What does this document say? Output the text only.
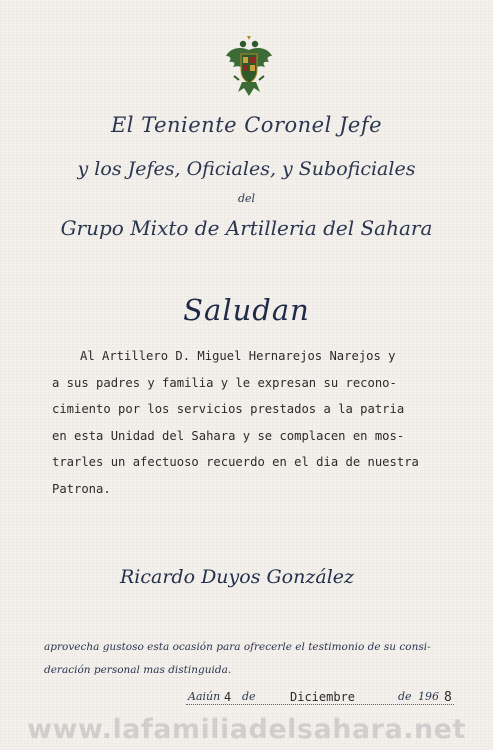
El Teniente Coronel Jefe
y los Jefes, Oficiales, y Suboficiales
del
Grupo Mixto de Artilleria del Sahara
Saludan
Al Artillero D. Miguel Hernarejos Narejos y
a sus padres y familia y le expresan su recono-
cimiento por los servicios prestados a la patria
en esta Unidad del Sahara y se complacen en mos-
trarles un afectuoso recuerdo en el dia de nuestra
Patrona.
Ricardo Duyos González
aprovecha gustoso esta ocasión para ofrecerle el testimonio de su consi-
deración personal mas distinguida.
Aaiún 4 de	Diciembre	de 196 8
www.lafamiliadelsahara.net
